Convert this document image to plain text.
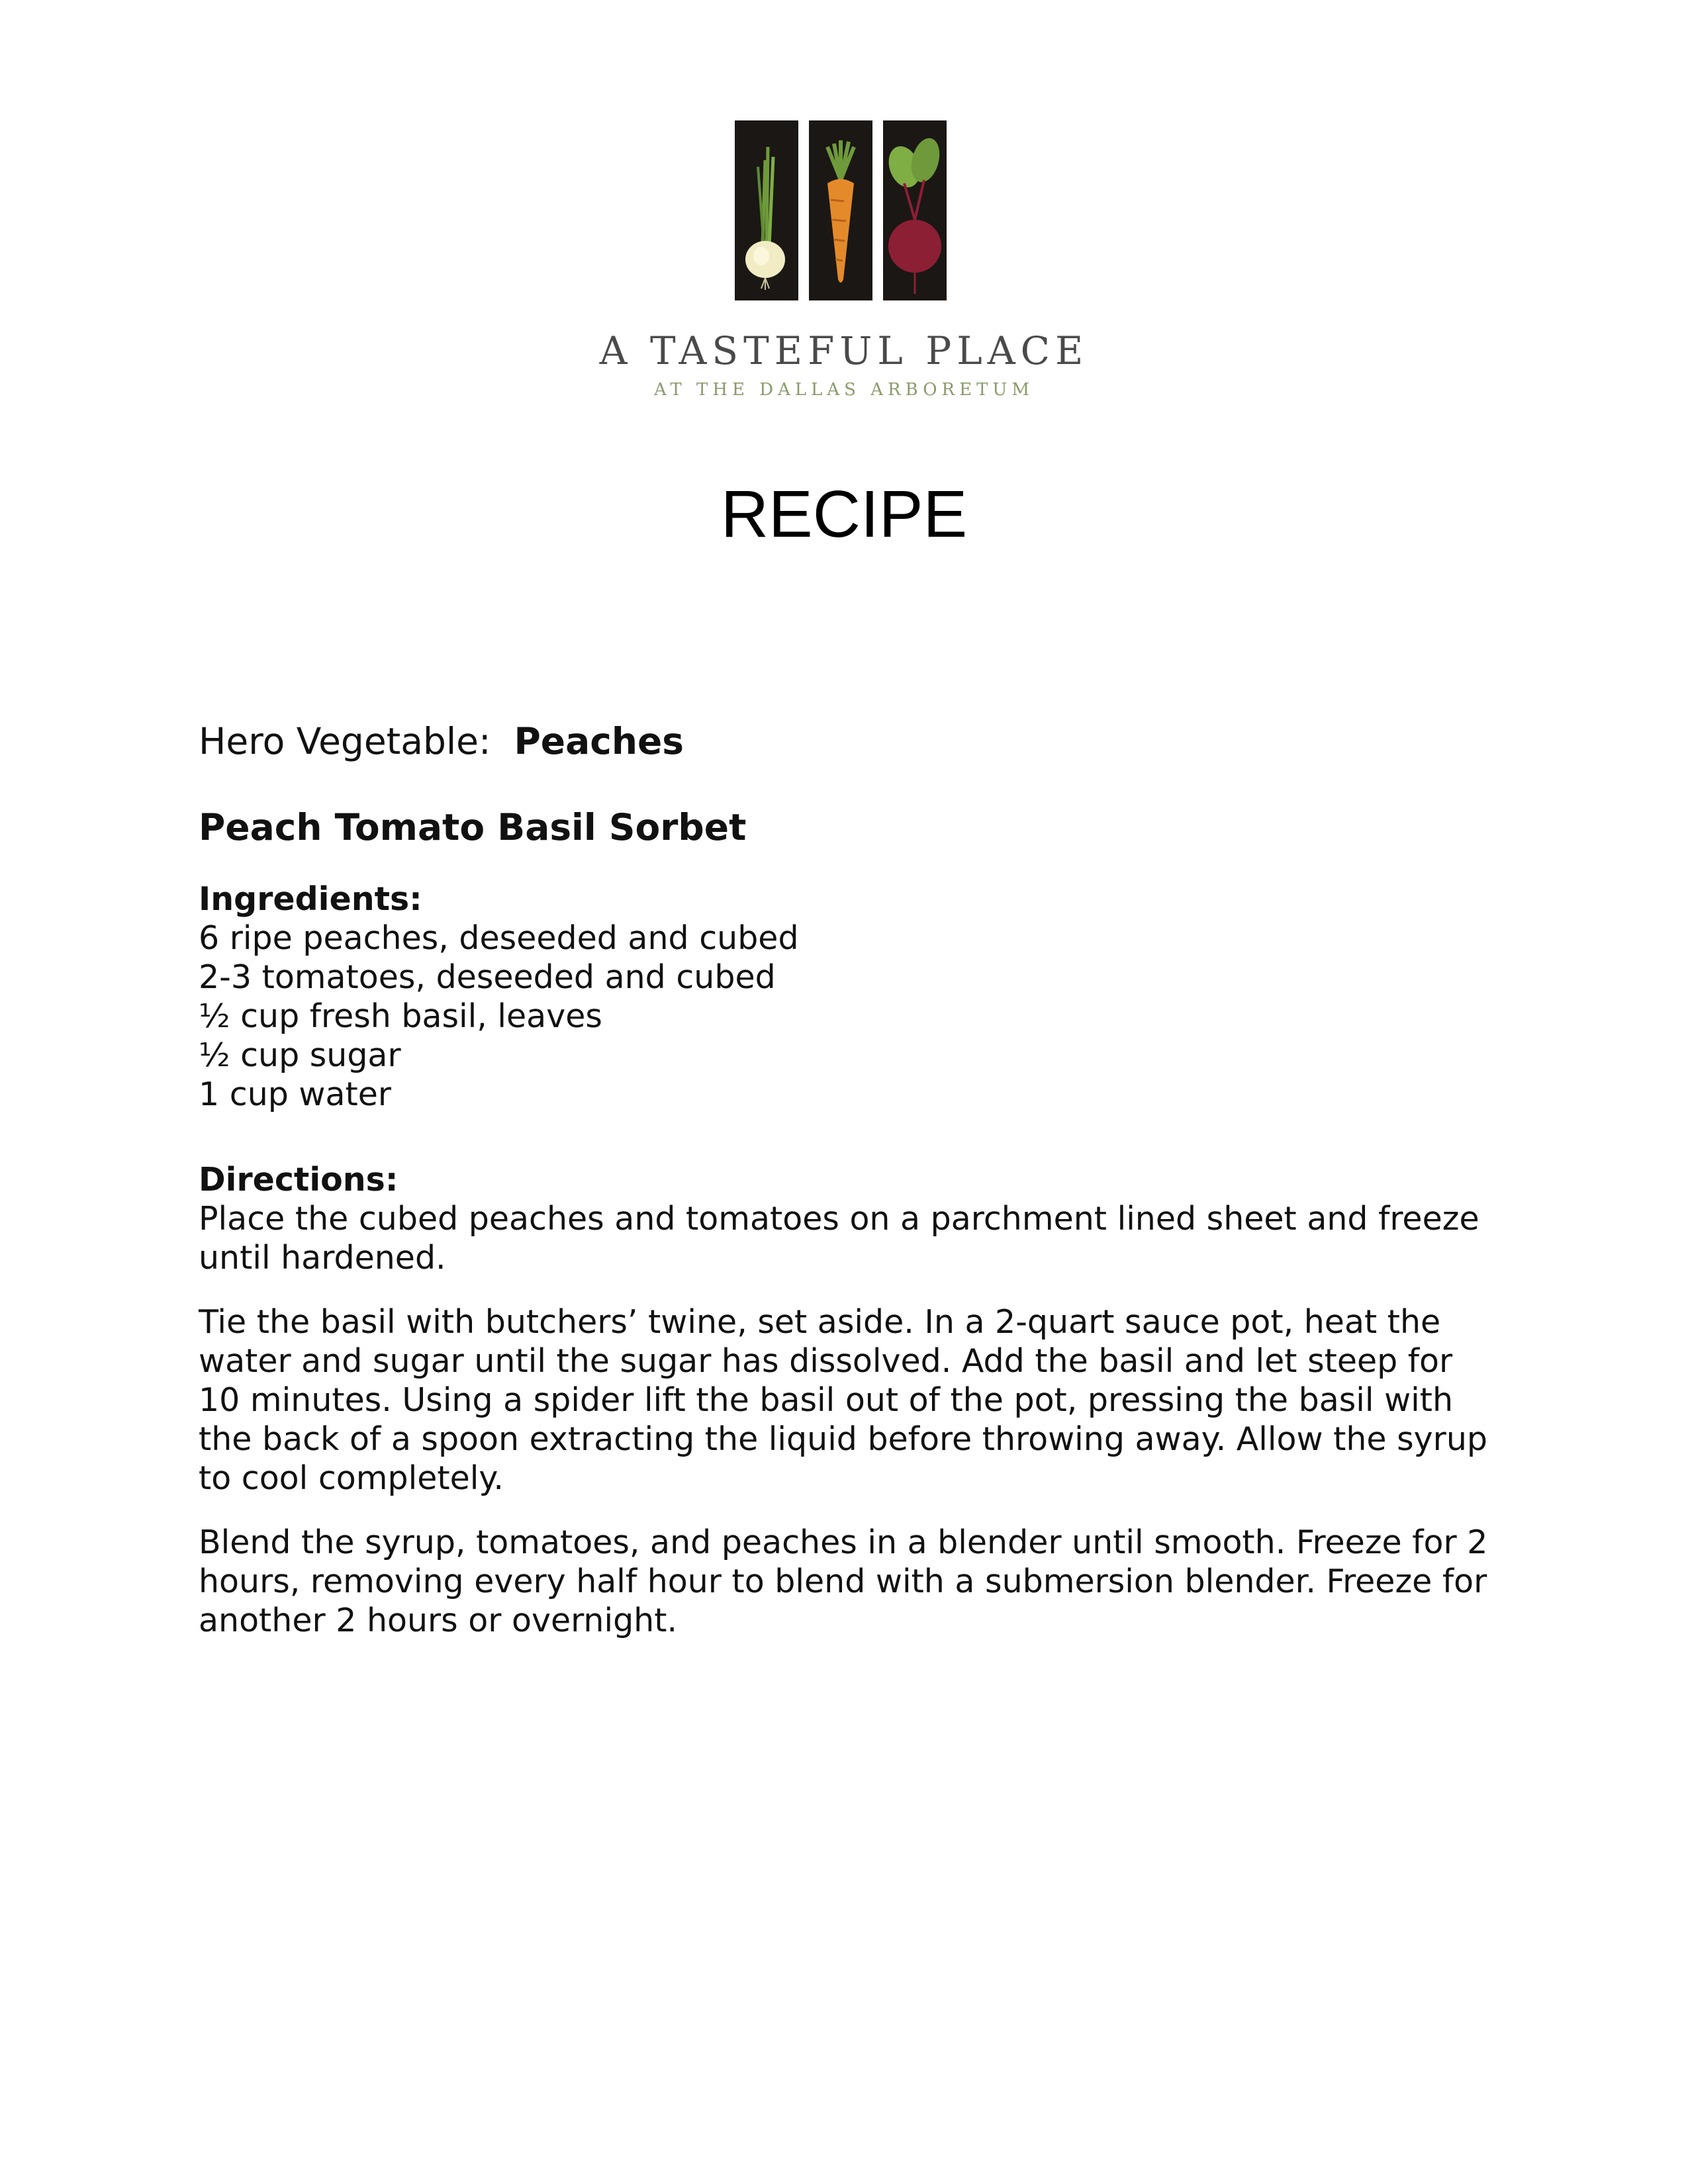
A TASTEFUL PLACE
AT THE DALLAS ARBORETUM
RECIPE

Hero Vegetable: Peaches

Peach Tomato Basil Sorbet

Ingredients:
6 ripe peaches, deseeded and cubed
2-3 tomatoes, deseeded and cubed
½ cup fresh basil, leaves
½ cup sugar
1 cup water
Directions:

Place the cubed peaches and tomatoes on a parchment lined sheet and freeze until hardened.

Tie the basil with butchers’ twine, set aside. In a 2-quart sauce pot, heat the water and sugar until the sugar has dissolved. Add the basil and let steep for 10 minutes. Using a spider lift the basil out of the pot, pressing the basil with the back of a spoon extracting the liquid before throwing away. Allow the syrup to cool completely.

Blend the syrup, tomatoes, and peaches in a blender until smooth. Freeze for 2 hours, removing every half hour to blend with a submersion blender. Freeze for another 2 hours or overnight.
